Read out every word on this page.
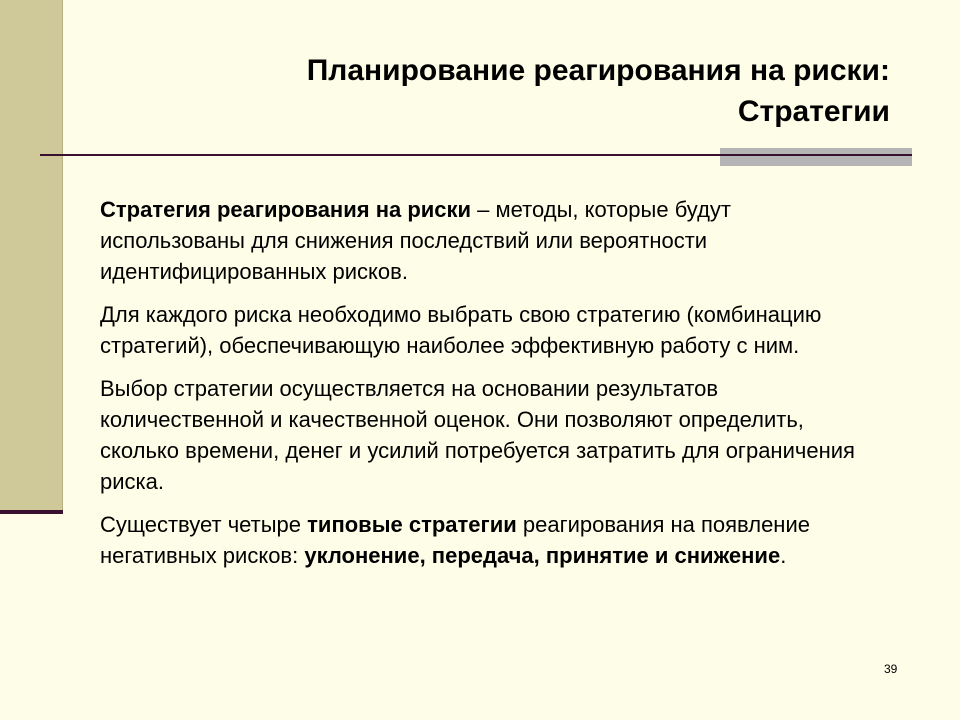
Планирование реагирования на риски:
Стратегии

Стратегия реагирования на риски – методы, которые будут использованы для снижения последствий или вероятности идентифицированных рисков.

Для каждого риска необходимо выбрать свою стратегию (комбинацию стратегий), обеспечивающую наиболее эффективную работу с ним.

Выбор стратегии осуществляется на основании результатов количественной и качественной оценок. Они позволяют определить, сколько времени, денег и усилий потребуется затратить для ограничения риска.

Существует четыре типовые стратегии реагирования на появление негативных рисков: уклонение, передача, принятие и снижение.

39
